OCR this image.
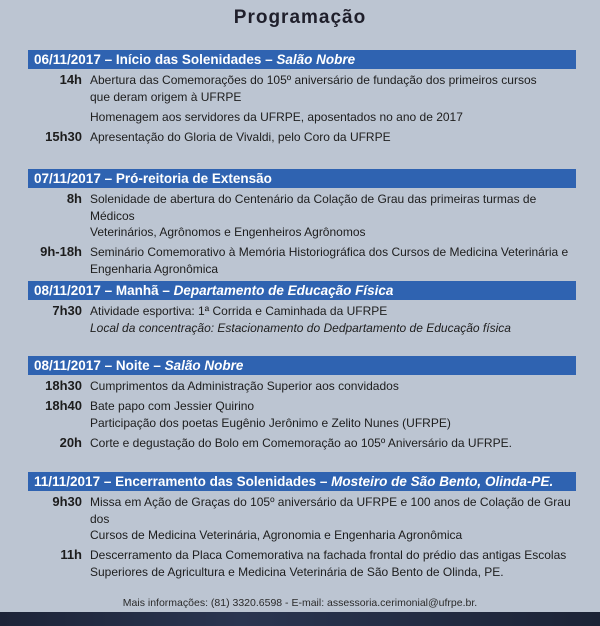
Programação
06/11/2017 – Início das Solenidades – Salão Nobre
14h Abertura das Comemorações do 105º aniversário de fundação dos primeiros cursos
que deram origem à UFRPE
Homenagem aos servidores da UFRPE, aposentados no ano de 2017
15h30 Apresentação do Gloria de Vivaldi, pelo Coro da UFRPE
07/11/2017 – Pró-reitoria de Extensão
8h Solenidade de abertura do Centenário da Colação de Grau das primeiras turmas de Médicos
Veterinários, Agrônomos e Engenheiros Agrônomos
9h-18h Seminário Comemorativo à Memória Historiográfica dos Cursos de Medicina Veterinária e
Engenharia Agronômica
08/11/2017 – Manhã – Departamento de Educação Física
7h30 Atividade esportiva: 1ª Corrida e Caminhada da UFRPE
Local da concentração: Estacionamento do Dedpartamento de Educação física
08/11/2017 – Noite – Salão Nobre
18h30 Cumprimentos da Administração Superior aos convidados
18h40 Bate papo com Jessier Quirino
Participação dos poetas Eugênio Jerônimo e Zelito Nunes (UFRPE)
20h Corte e degustação do Bolo em Comemoração ao 105º Aniversário da UFRPE.
11/11/2017 – Encerramento das Solenidades – Mosteiro de São Bento, Olinda-PE.
9h30 Missa em Ação de Graças do 105º aniversário da UFRPE e 100 anos de Colação de Grau dos
Cursos de Medicina Veterinária, Agronomia e Engenharia Agronômica
11h Descerramento da Placa Comemorativa na fachada frontal do prédio das antigas Escolas
Superiores de Agricultura e Medicina Veterinária de São Bento de Olinda, PE.
Mais informações: (81) 3320.6598 - E-mail: assessoria.cerimonial@ufrpe.br.
